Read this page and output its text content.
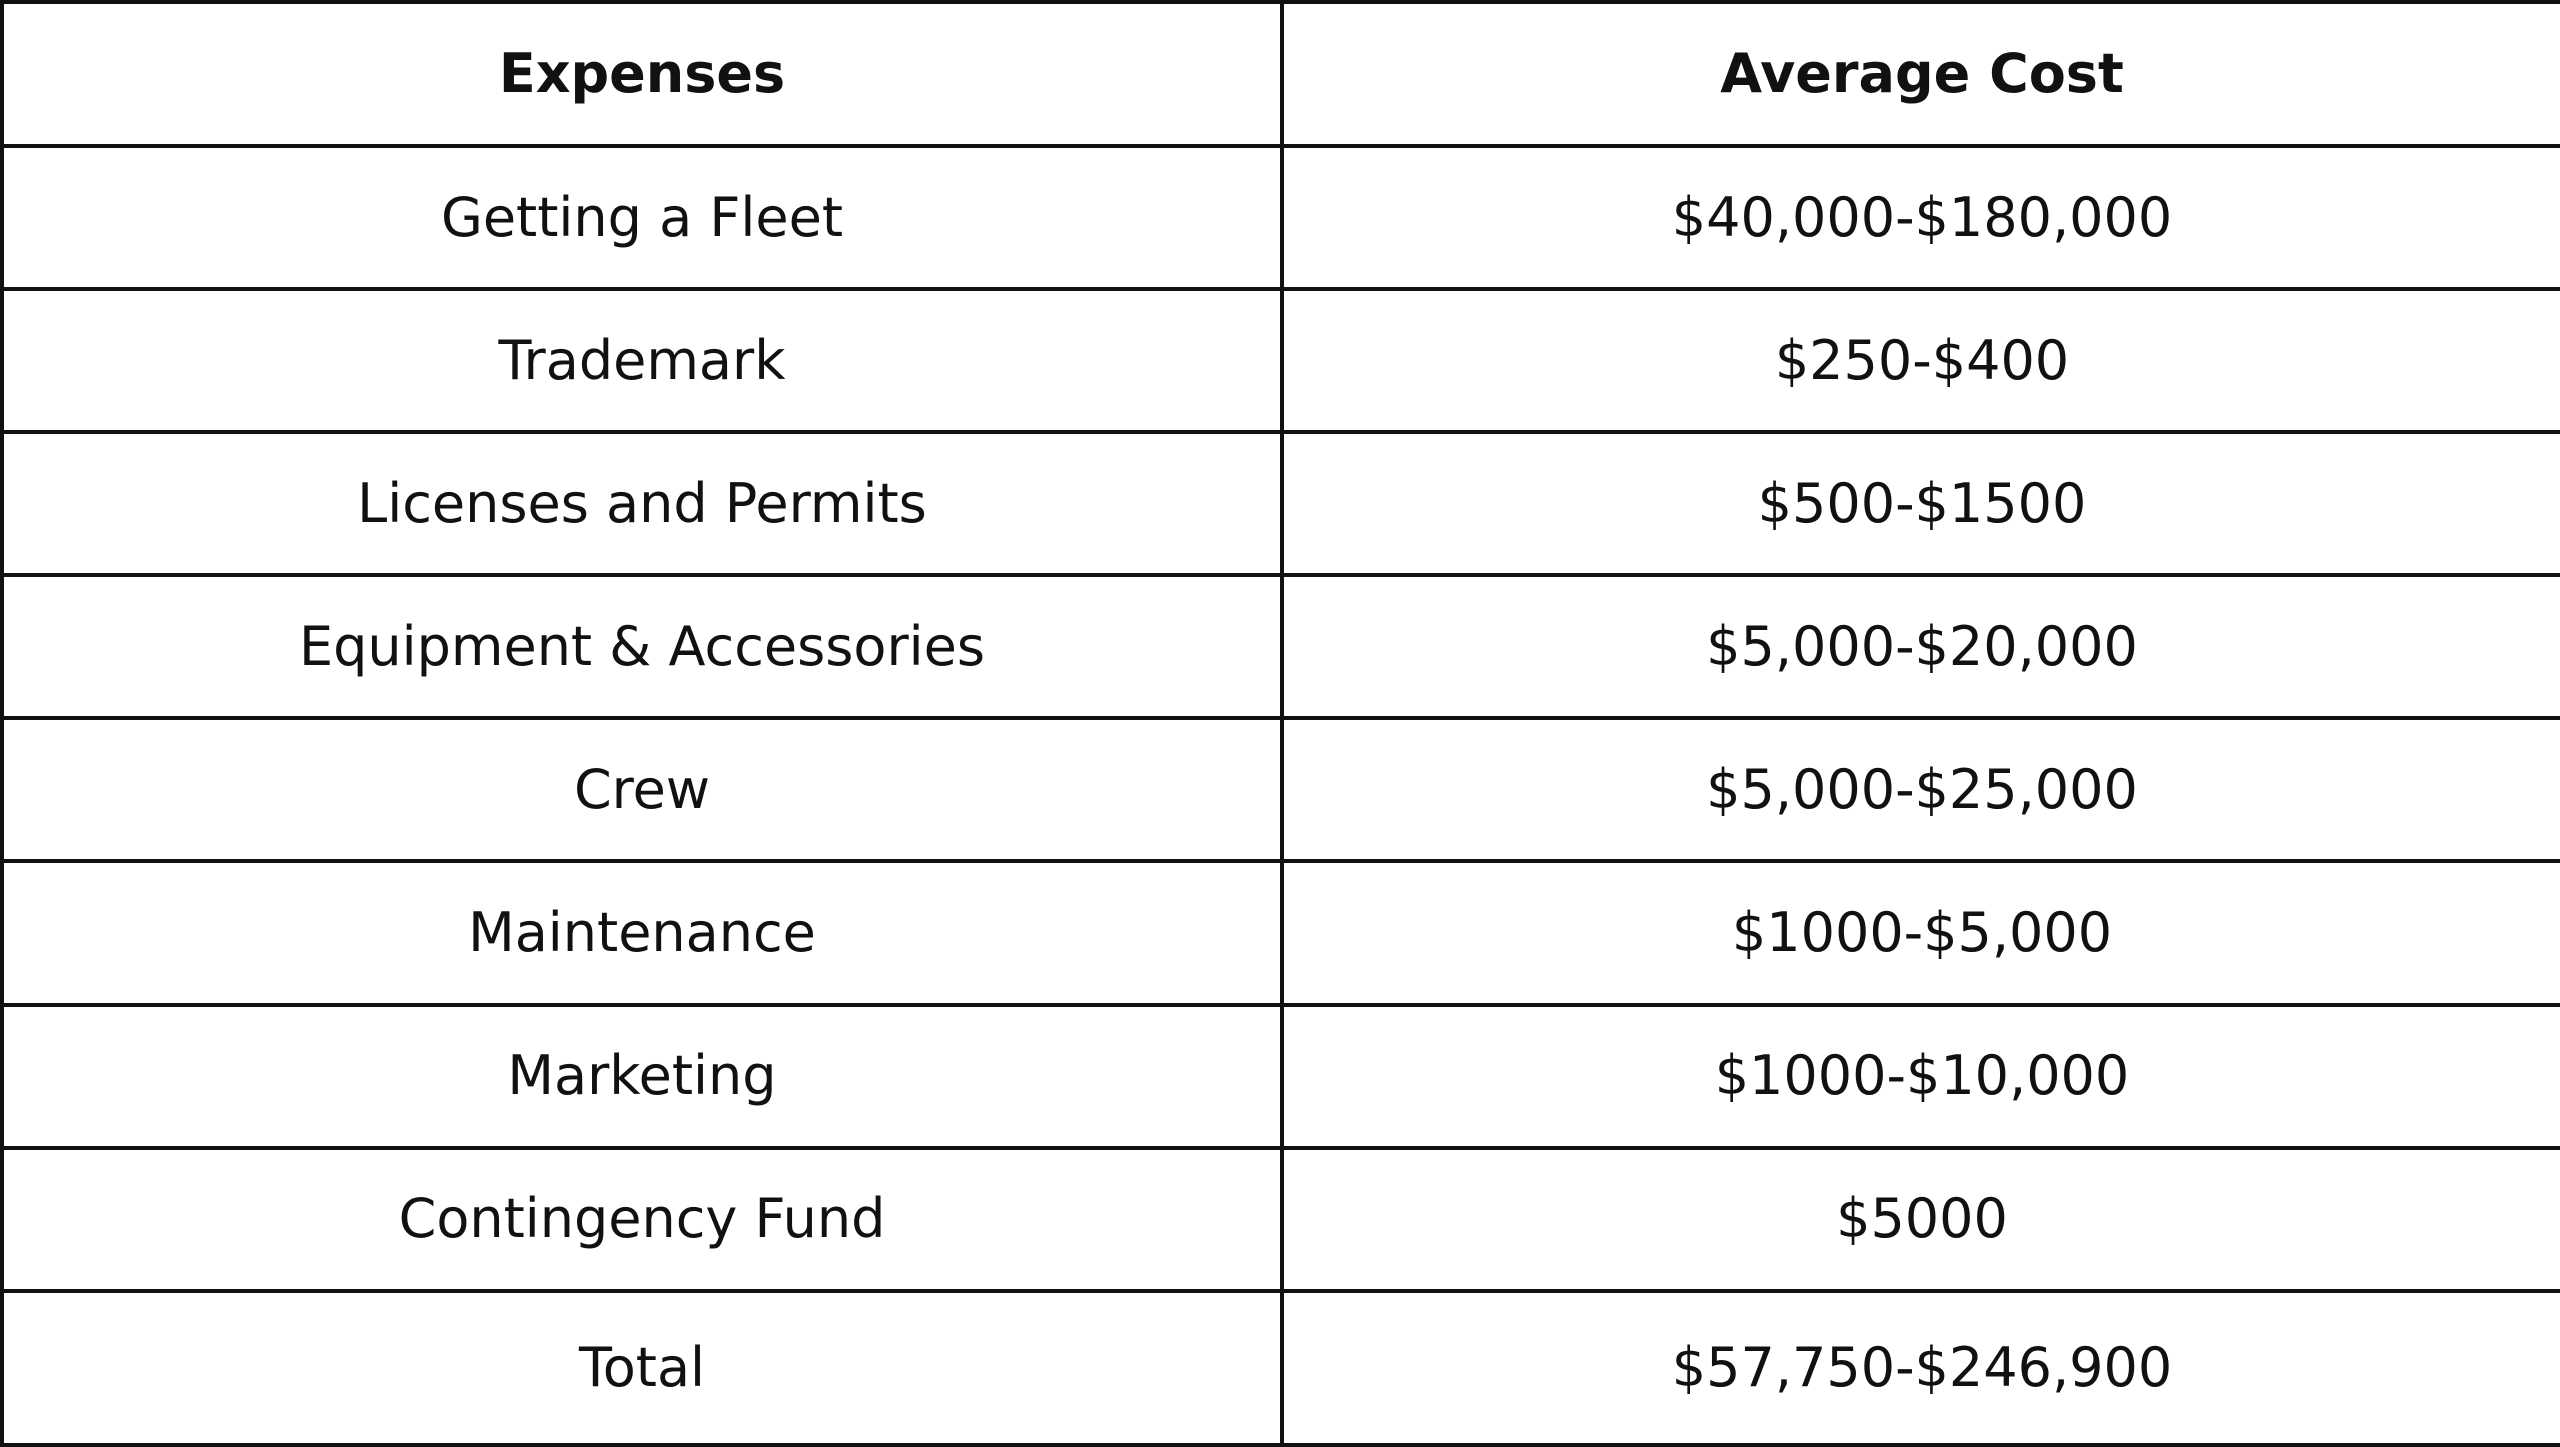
Expenses	Average Cost
Getting a Fleet	$40,000-$180,000
Trademark	$250-$400
Licenses and Permits	$500-$1500
Equipment & Accessories	$5,000-$20,000
Crew	$5,000-$25,000
Maintenance	$1000-$5,000
Marketing	$1000-$10,000
Contingency Fund	$5000
Total	$57,750-$246,900
